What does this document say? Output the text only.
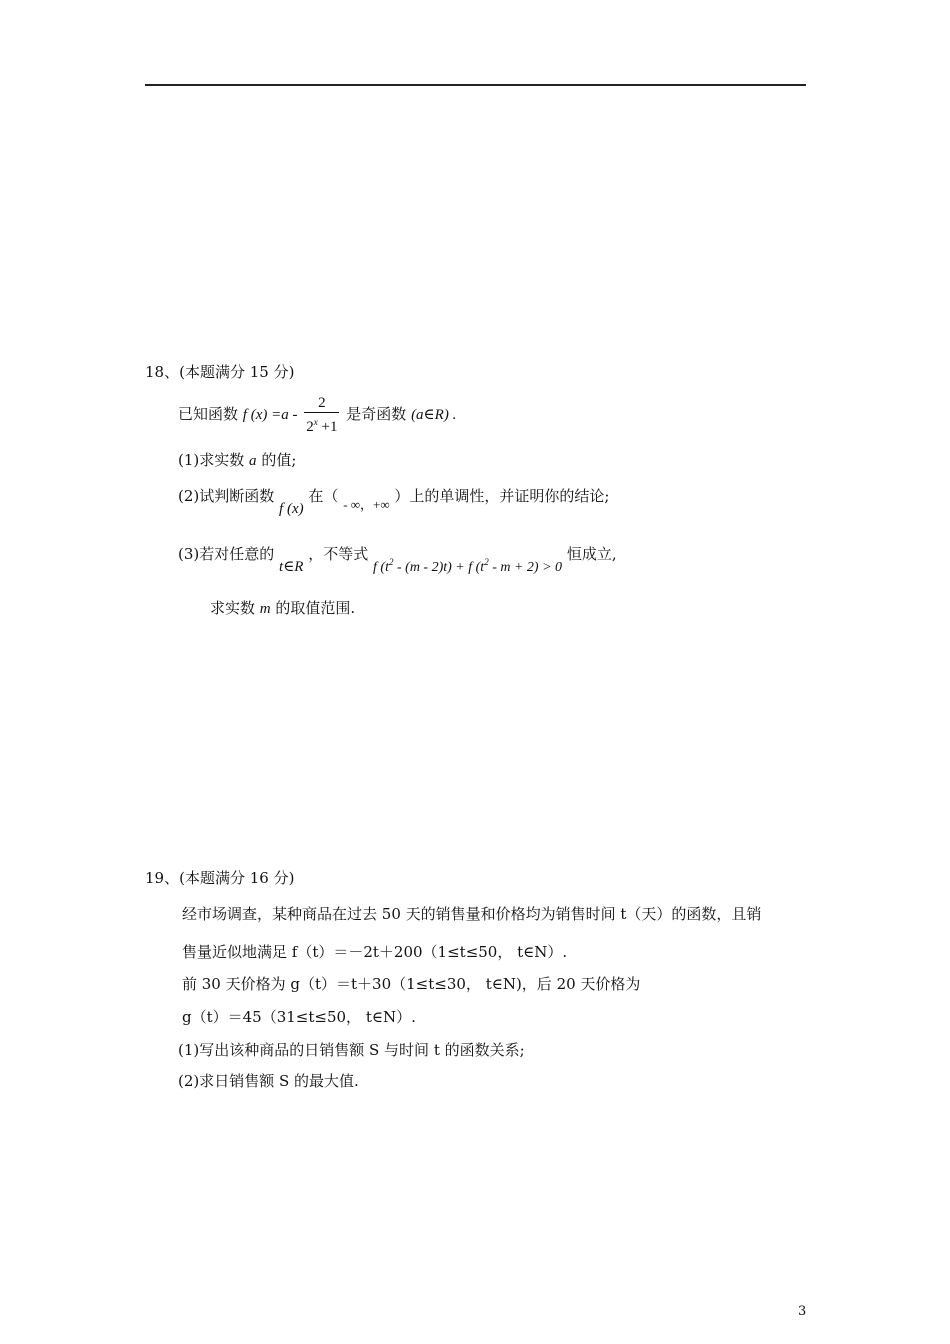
18、(本题满分 15 分)
已知函数 f $(x) =a - \frac{2}{2^x +1}$ 是奇函数 (a∈R) .
(1)求实数 a 的值;
(2)试判断函数 f (x) 在（ - ∞，+∞ ）上的单调性，并证明你的结论;
(3)若对任意的 t∈R ，不等式 f $(t^2 - (m - 2)t) + f$ $(t^2 - m + 2) > 0$ 恒成立,
求实数 m 的取值范围.
19、(本题满分 16 分)
经市场调查，某种商品在过去 50 天的销售量和价格均为销售时间 t（天）的函数，且销
售量近似地满足 f（t）＝－2t＋200（1≤t≤50， t∈N）.
前 30 天价格为 g（t）＝t＋30（1≤t≤30， t∈N)，后 20 天价格为
g（t）＝45（31≤t≤50， t∈N）.
(1)写出该种商品的日销售额 S 与时间 t 的函数关系;
(2)求日销售额 S 的最大值.
3
